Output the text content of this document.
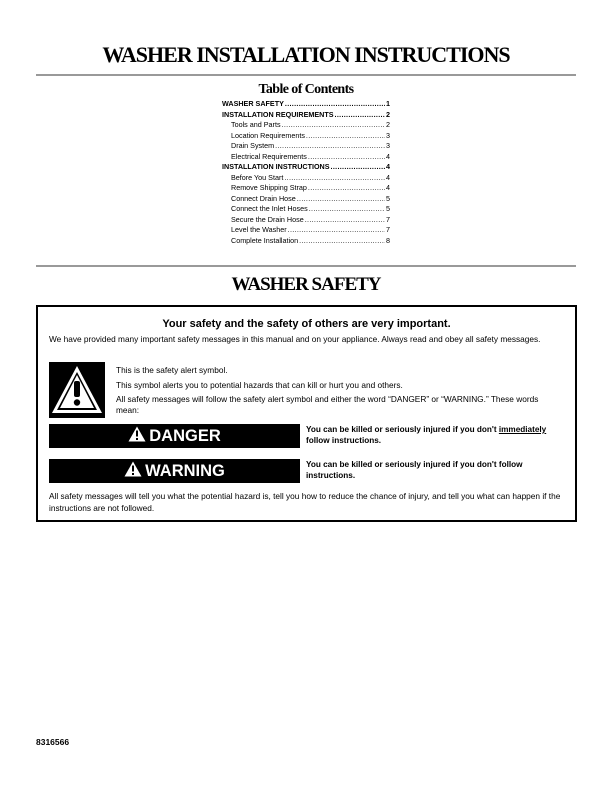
WASHER INSTALLATION INSTRUCTIONS
Table of Contents
WASHER SAFETY .....	1
INSTALLATION REQUIREMENTS .....	2
Tools and Parts .....	2
Location Requirements .....	3
Drain System .....	3
Electrical Requirements .....	4
INSTALLATION INSTRUCTIONS .....	4
Before You Start .....	4
Remove Shipping Strap .....	4
Connect Drain Hose .....	5
Connect the Inlet Hoses .....	5
Secure the Drain Hose .....	7
Level the Washer .....	7
Complete Installation .....	8
WASHER SAFETY
Your safety and the safety of others are very important.
We have provided many important safety messages in this manual and on your appliance. Always read and obey all safety messages.
This is the safety alert symbol.
This symbol alerts you to potential hazards that can kill or hurt you and others.
All safety messages will follow the safety alert symbol and either the word “DANGER” or “WARNING.” These words mean:
DANGER	You can be killed or seriously injured if you don't immediately follow instructions.
WARNING	You can be killed or seriously injured if you don't follow instructions.
All safety messages will tell you what the potential hazard is, tell you how to reduce the chance of injury, and tell you what can happen if the instructions are not followed.
8316566
